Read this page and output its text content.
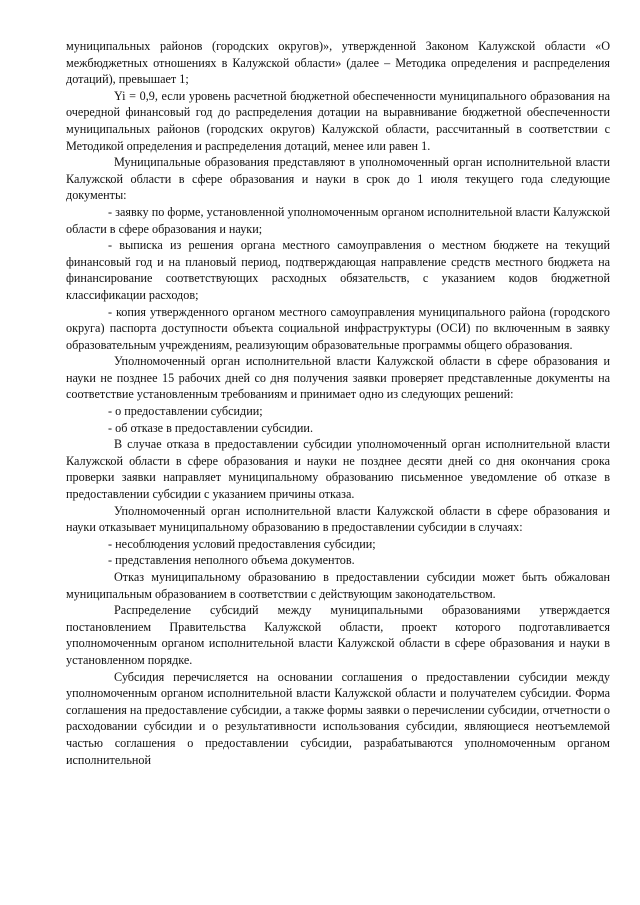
муниципальных районов (городских округов)», утвержденной Законом Калужской области «О межбюджетных отношениях в Калужской области» (далее – Методика определения и распределения дотаций), превышает 1;

Yi = 0,9, если уровень расчетной бюджетной обеспеченности муниципального образования на очередной финансовый год до распределения дотации на выравнивание бюджетной обеспеченности муниципальных районов (городских округов) Калужской области, рассчитанный в соответствии с Методикой определения и распределения дотаций, менее или равен 1.

Муниципальные образования представляют в уполномоченный орган исполнительной власти Калужской области в сфере образования и науки в срок до 1 июля текущего года следующие документы:

- заявку по форме, установленной уполномоченным органом исполнительной власти Калужской области в сфере образования и науки;

- выписка из решения органа местного самоуправления о местном бюджете на текущий финансовый год и на плановый период, подтверждающая направление средств местного бюджета на финансирование соответствующих расходных обязательств, с указанием кодов бюджетной классификации расходов;

- копия утвержденного органом местного самоуправления муниципального района (городского округа) паспорта доступности объекта социальной инфраструктуры (ОСИ) по включенным в заявку образовательным учреждениям, реализующим образовательные программы общего образования.

Уполномоченный орган исполнительной власти Калужской области в сфере образования и науки не позднее 15 рабочих дней со дня получения заявки проверяет представленные документы на соответствие установленным требованиям и принимает одно из следующих решений:

- о предоставлении субсидии;

- об отказе в предоставлении субсидии.

В случае отказа в предоставлении субсидии уполномоченный орган исполнительной власти Калужской области в сфере образования и науки не позднее десяти дней со дня окончания срока проверки заявки направляет муниципальному образованию письменное уведомление об отказе в предоставлении субсидии с указанием причины отказа.

Уполномоченный орган исполнительной власти Калужской области в сфере образования и науки отказывает муниципальному образованию в предоставлении субсидии в случаях:

- несоблюдения условий предоставления субсидии;

- представления неполного объема документов.

Отказ муниципальному образованию в предоставлении субсидии может быть обжалован муниципальным образованием в соответствии с действующим законодательством.

Распределение субсидий между муниципальными образованиями утверждается постановлением Правительства Калужской области, проект которого подготавливается уполномоченным органом исполнительной власти Калужской области в сфере образования и науки в установленном порядке.

Субсидия перечисляется на основании соглашения о предоставлении субсидии между уполномоченным органом исполнительной власти Калужской области и получателем субсидии. Форма соглашения на предоставление субсидии, а также формы заявки о перечислении субсидии, отчетности о расходовании субсидии и о результативности использования субсидии, являющиеся неотъемлемой частью соглашения о предоставлении субсидии, разрабатываются уполномоченным органом исполнительной
